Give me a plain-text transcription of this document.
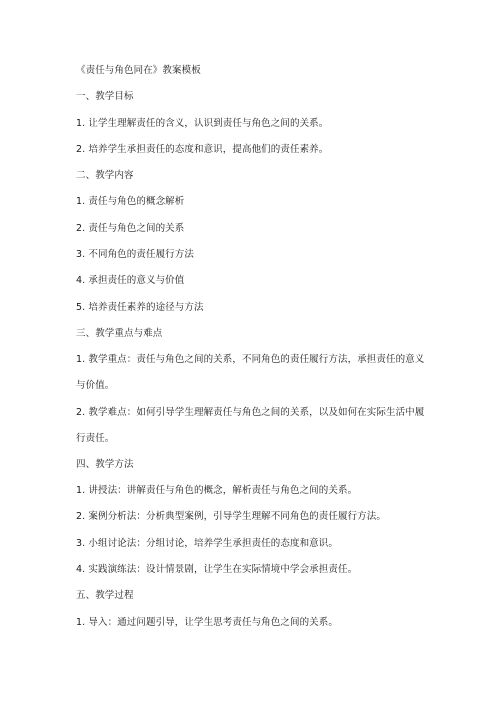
《责任与角色同在》教案模板
一、教学目标
1. 让学生理解责任的含义，认识到责任与角色之间的关系。
2. 培养学生承担责任的态度和意识，提高他们的责任素养。
二、教学内容
1. 责任与角色的概念解析
2. 责任与角色之间的关系
3. 不同角色的责任履行方法
4. 承担责任的意义与价值
5. 培养责任素养的途径与方法
三、教学重点与难点
1. 教学重点：责任与角色之间的关系，不同角色的责任履行方法，承担责任的意义与价值。
2. 教学难点：如何引导学生理解责任与角色之间的关系，以及如何在实际生活中履行责任。
四、教学方法
1. 讲授法：讲解责任与角色的概念，解析责任与角色之间的关系。
2. 案例分析法：分析典型案例，引导学生理解不同角色的责任履行方法。
3. 小组讨论法：分组讨论，培养学生承担责任的态度和意识。
4. 实践演练法：设计情景剧，让学生在实际情境中学会承担责任。
五、教学过程
1. 导入：通过问题引导，让学生思考责任与角色之间的关系。
